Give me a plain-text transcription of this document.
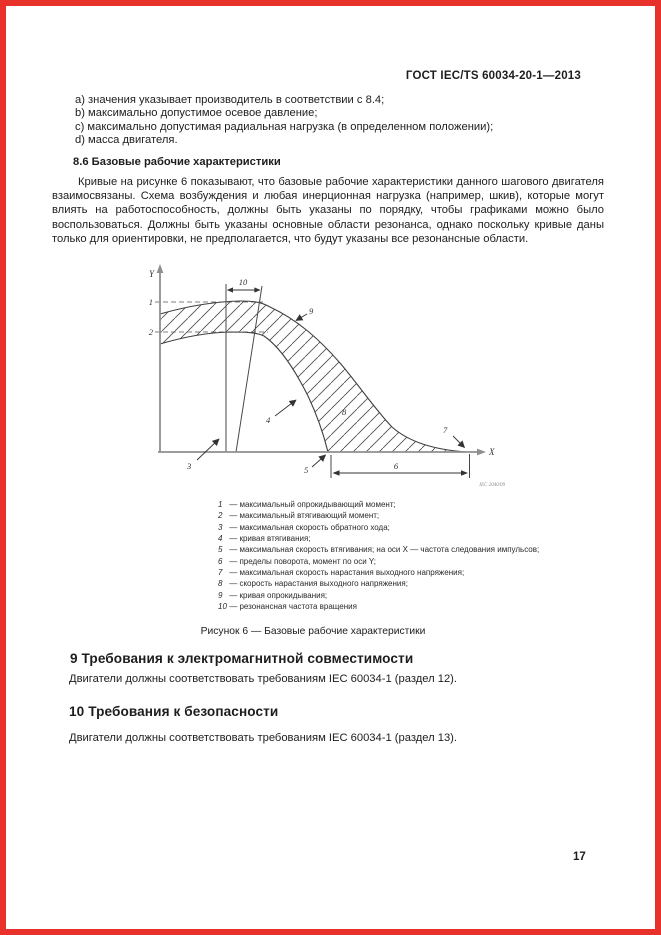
ГОСТ IEC/TS 60034-20-1—2013
a) значения указывает производитель в соответствии с 8.4;
b) максимально допустимое осевое давление;
c) максимально допустимая радиальная нагрузка (в определенном положении);
d) масса двигателя.
8.6 Базовые рабочие характеристики
Кривые на рисунке 6 показывают, что базовые рабочие характеристики данного шагового двигателя взаимосвязаны. Схема возбуждения и любая инерционная нагрузка (например, шкив), которые могут влиять на работоспособность, должны быть указаны по порядку, чтобы графиками можно было воспользоваться. Должны быть указаны основные области резонанса, однако поскольку кривые даны только для ориентировки, не предполагается, что будут указаны все резонансные области.
Y
X
1
2
3
4
5	6
7
8
9
10
IEC 2040/09
1 — максимальный опрокидывающий момент;
2 — максимальный втягивающий момент;
3 — максимальная скорость обратного хода;
4 — кривая втягивания;
5 — максимальная скорость втягивания; на оси X — частота следования импульсов;
6 — пределы поворота, момент по оси Y;
7 — максимальная скорость нарастания выходного напряжения;
8 — скорость нарастания выходного напряжения;
9 — кривая опрокидывания;
10 — резонансная частота вращения
Рисунок 6 — Базовые рабочие характеристики
9 Требования к электромагнитной совместимости
Двигатели должны соответствовать требованиям IEC 60034-1 (раздел 12).
10 Требования к безопасности
Двигатели должны соответствовать требованиям IEC 60034-1 (раздел 13).
17
